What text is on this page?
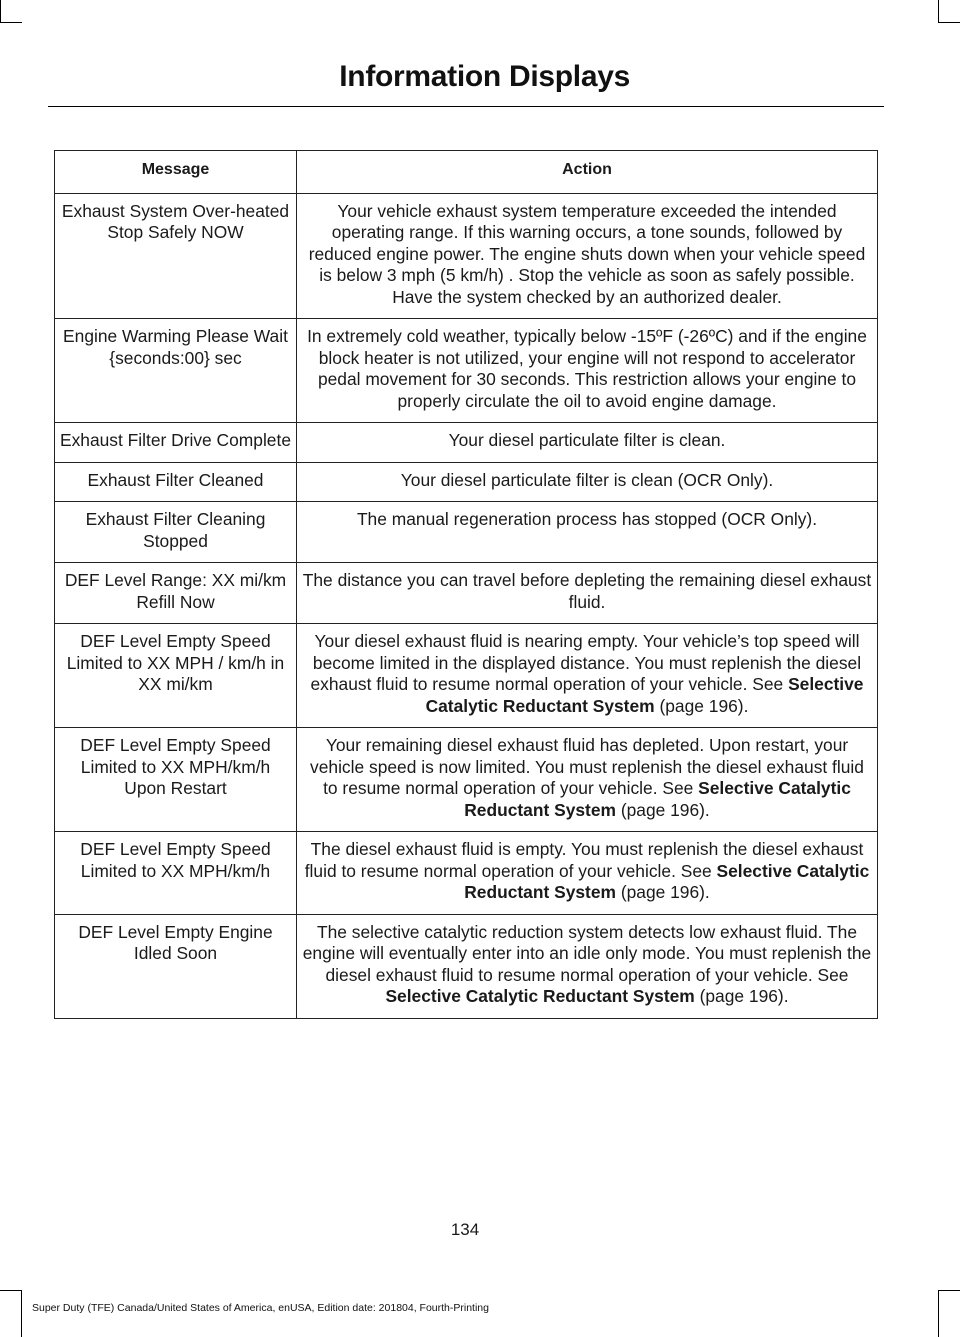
Information Displays
Message	Action
Exhaust System Over-heated Stop Safely NOW	Your vehicle exhaust system temperature exceeded the intended operating range. If this warning occurs, a tone sounds, followed by reduced engine power. The engine shuts down when your vehicle speed is below 3 mph (5 km/h) . Stop the vehicle as soon as safely possible. Have the system checked by an authorized dealer.
Engine Warming Please Wait {seconds:00} sec	In extremely cold weather, typically below -15ºF (-26ºC) and if the engine block heater is not utilized, your engine will not respond to accelerator pedal movement for 30 seconds. This restriction allows your engine to properly circulate the oil to avoid engine damage.
Exhaust Filter Drive Complete	Your diesel particulate filter is clean.
Exhaust Filter Cleaned	Your diesel particulate filter is clean (OCR Only).
Exhaust Filter Cleaning Stopped	The manual regeneration process has stopped (OCR Only).
DEF Level Range: XX mi/km Refill Now	The distance you can travel before depleting the remaining diesel exhaust fluid.
DEF Level Empty Speed Limited to XX MPH / km/h in XX mi/km	Your diesel exhaust fluid is nearing empty. Your vehicle’s top speed will become limited in the displayed distance. You must replenish the diesel exhaust fluid to resume normal operation of your vehicle. See Selective Catalytic Reductant System (page 196).
DEF Level Empty Speed Limited to XX MPH/km/h Upon Restart	Your remaining diesel exhaust fluid has depleted. Upon restart, your vehicle speed is now limited. You must replenish the diesel exhaust fluid to resume normal operation of your vehicle. See Selective Catalytic Reductant System (page 196).
DEF Level Empty Speed Limited to XX MPH/km/h	The diesel exhaust fluid is empty. You must replenish the diesel exhaust fluid to resume normal operation of your vehicle. See Selective Catalytic Reductant System (page 196).
DEF Level Empty Engine Idled Soon	The selective catalytic reduction system detects low exhaust fluid. The engine will eventually enter into an idle only mode. You must replenish the diesel exhaust fluid to resume normal operation of your vehicle. See Selective Catalytic Reductant System (page 196).
134
Super Duty (TFE) Canada/United States of America, enUSA, Edition date: 201804, Fourth-Printing
